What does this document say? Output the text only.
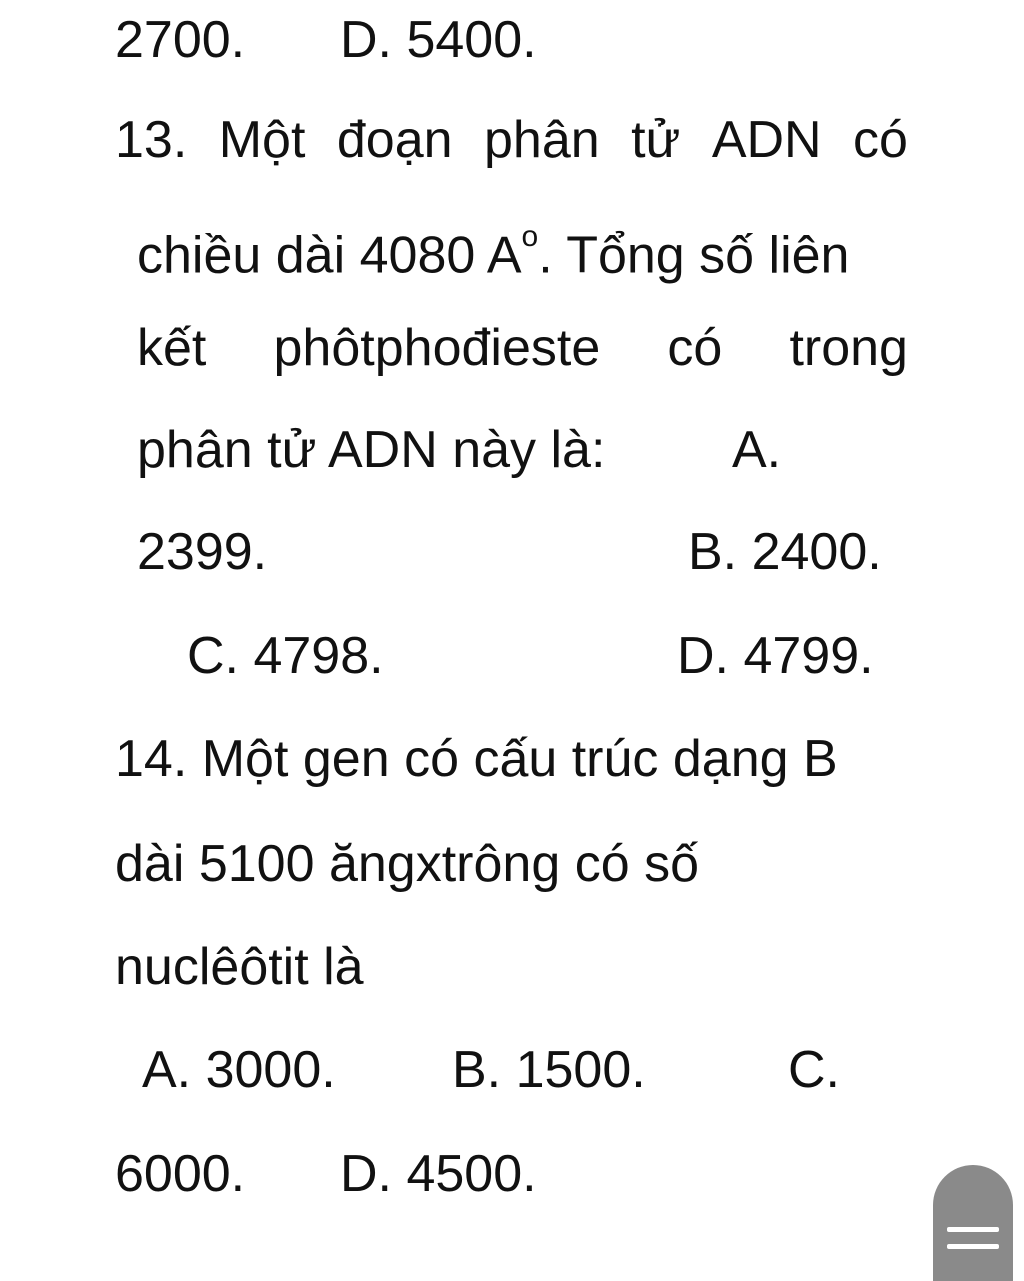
2700. D. 5400.
13. Một đoạn phân tử ADN có
chiều dài 4080 $A^o$. Tổng số liên
kết phôtphođieste có trong
phân tử ADN này là: A.
2399.	B. 2400.
C. 4798.	D. 4799.
14. Một gen có cấu trúc dạng B
dài 5100 ăngxtrông có số
nuclêôtit là
A. 3000. B. 1500.	C.
6000. D. 4500.
